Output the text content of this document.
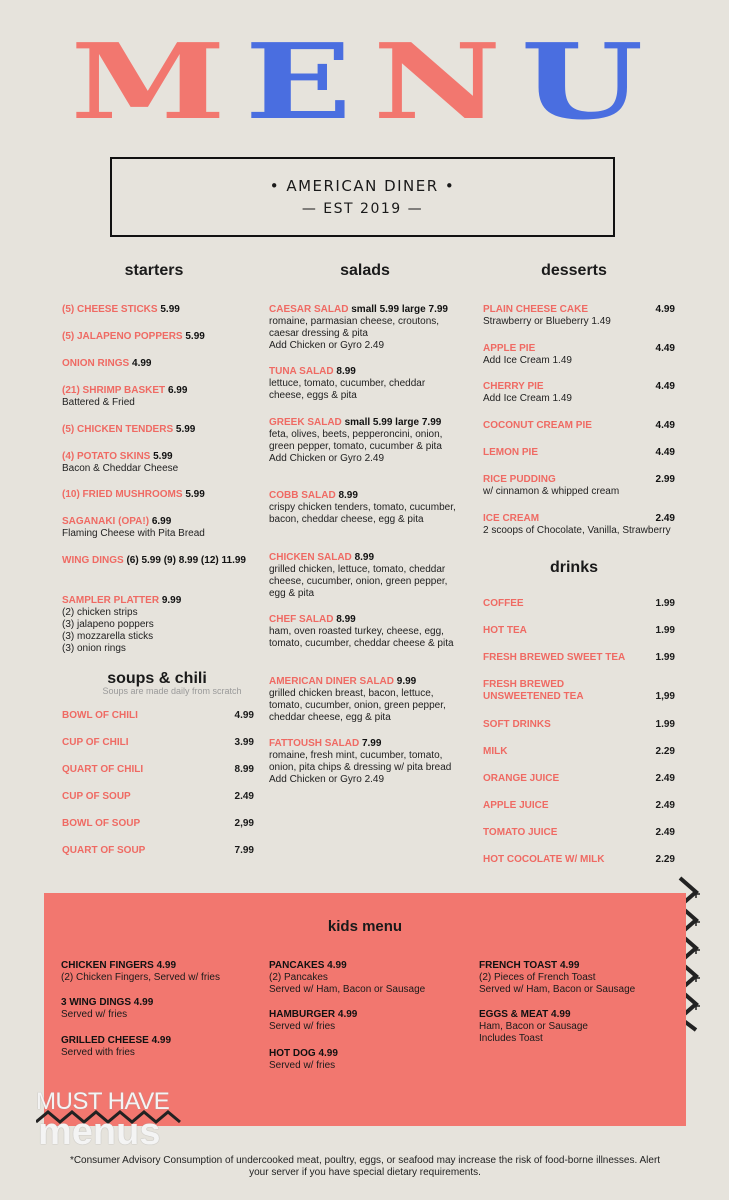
ME NU
• AMERICAN DINER •
— EST 2019 —
starters	salads	desserts
(5) CHEESE STICKS 5.99
(5) JALAPENO POPPERS 5.99
ONION RINGS 4.99
(21) SHRIMP BASKET 6.99
Battered & Fried
(5) CHICKEN TENDERS 5.99
(4) POTATO SKINS 5.99
Bacon & Cheddar Cheese
(10) FRIED MUSHROOMS 5.99
SAGANAKI (OPA!) 6.99
Flaming Cheese with Pita Bread
WING DINGS (6) 5.99 (9) 8.99 (12) 11.99
SAMPLER PLATTER 9.99
(2) chicken strips
(3) jalapeno poppers
(3) mozzarella sticks
(3) onion rings
soups & chili
Soups are made daily from scratch
BOWL OF CHILI	4.99
CUP OF CHILI	3.99
QUART OF CHILI	8.99
CUP OF SOUP	2.49
BOWL OF SOUP	2,99
QUART OF SOUP	7.99
CAESAR SALAD small 5.99 large 7.99
romaine, parmasian cheese, croutons, caesar dressing & pita
Add Chicken or Gyro 2.49
TUNA SALAD 8.99
lettuce, tomato, cucumber, cheddar cheese, eggs & pita
GREEK SALAD small 5.99 large 7.99
feta, olives, beets, pepperoncini, onion, green pepper, tomato, cucumber & pita
Add Chicken or Gyro 2.49
COBB SALAD 8.99
crispy chicken tenders, tomato, cucumber, bacon, cheddar cheese, egg & pita
CHICKEN SALAD 8.99
grilled chicken, lettuce, tomato, cheddar cheese, cucumber, onion, green pepper, egg & pita
CHEF SALAD 8.99
ham, oven roasted turkey, cheese, egg, tomato, cucumber, cheddar cheese & pita
AMERICAN DINER SALAD 9.99
grilled chicken breast, bacon, lettuce, tomato, cucumber, onion, green pepper, cheddar cheese, egg & pita
FATTOUSH SALAD 7.99
romaine, fresh mint, cucumber, tomato, onion, pita chips & dressing w/ pita bread
Add Chicken or Gyro 2.49
PLAIN CHEESE CAKE	4.99
Strawberry or Blueberry 1.49
APPLE PIE	4.49
Add Ice Cream 1.49
CHERRY PIE	4.49
Add Ice Cream 1.49
COCONUT CREAM PIE	4.49
LEMON PIE	4.49
RICE PUDDING	2.99
w/ cinnamon & whipped cream
ICE CREAM	2.49
2 scoops of Chocolate, Vanilla, Strawberry
drinks
COFFEE	1.99
HOT TEA	1.99
FRESH BREWED SWEET TEA	1.99
FRESH BREWED
UNSWEETENED TEA	1,99
SOFT DRINKS	1.99
MILK	2.29
ORANGE JUICE	2.49
APPLE JUICE	2.49
TOMATO JUICE	2.49
HOT COCOLATE W/ MILK	2.29
kids menu
CHICKEN FINGERS 4.99
(2) Chicken Fingers, Served w/ fries
3 WING DINGS 4.99
Served w/ fries
GRILLED CHEESE 4.99
Served with fries
PANCAKES 4.99
(2) Pancakes
Served w/ Ham, Bacon or Sausage
HAMBURGER 4.99
Served w/ fries
HOT DOG 4.99
Served w/ fries
FRENCH TOAST 4.99
(2) Pieces of French Toast
Served w/ Ham, Bacon or Sausage
EGGS & MEAT 4.99
Ham, Bacon or Sausage
Includes Toast
MUST HAVE
menus
*Consumer Advisory Consumption of undercooked meat, poultry, eggs, or seafood may increase the risk of food-borne illnesses. Alert your server if you have special dietary requirements.
